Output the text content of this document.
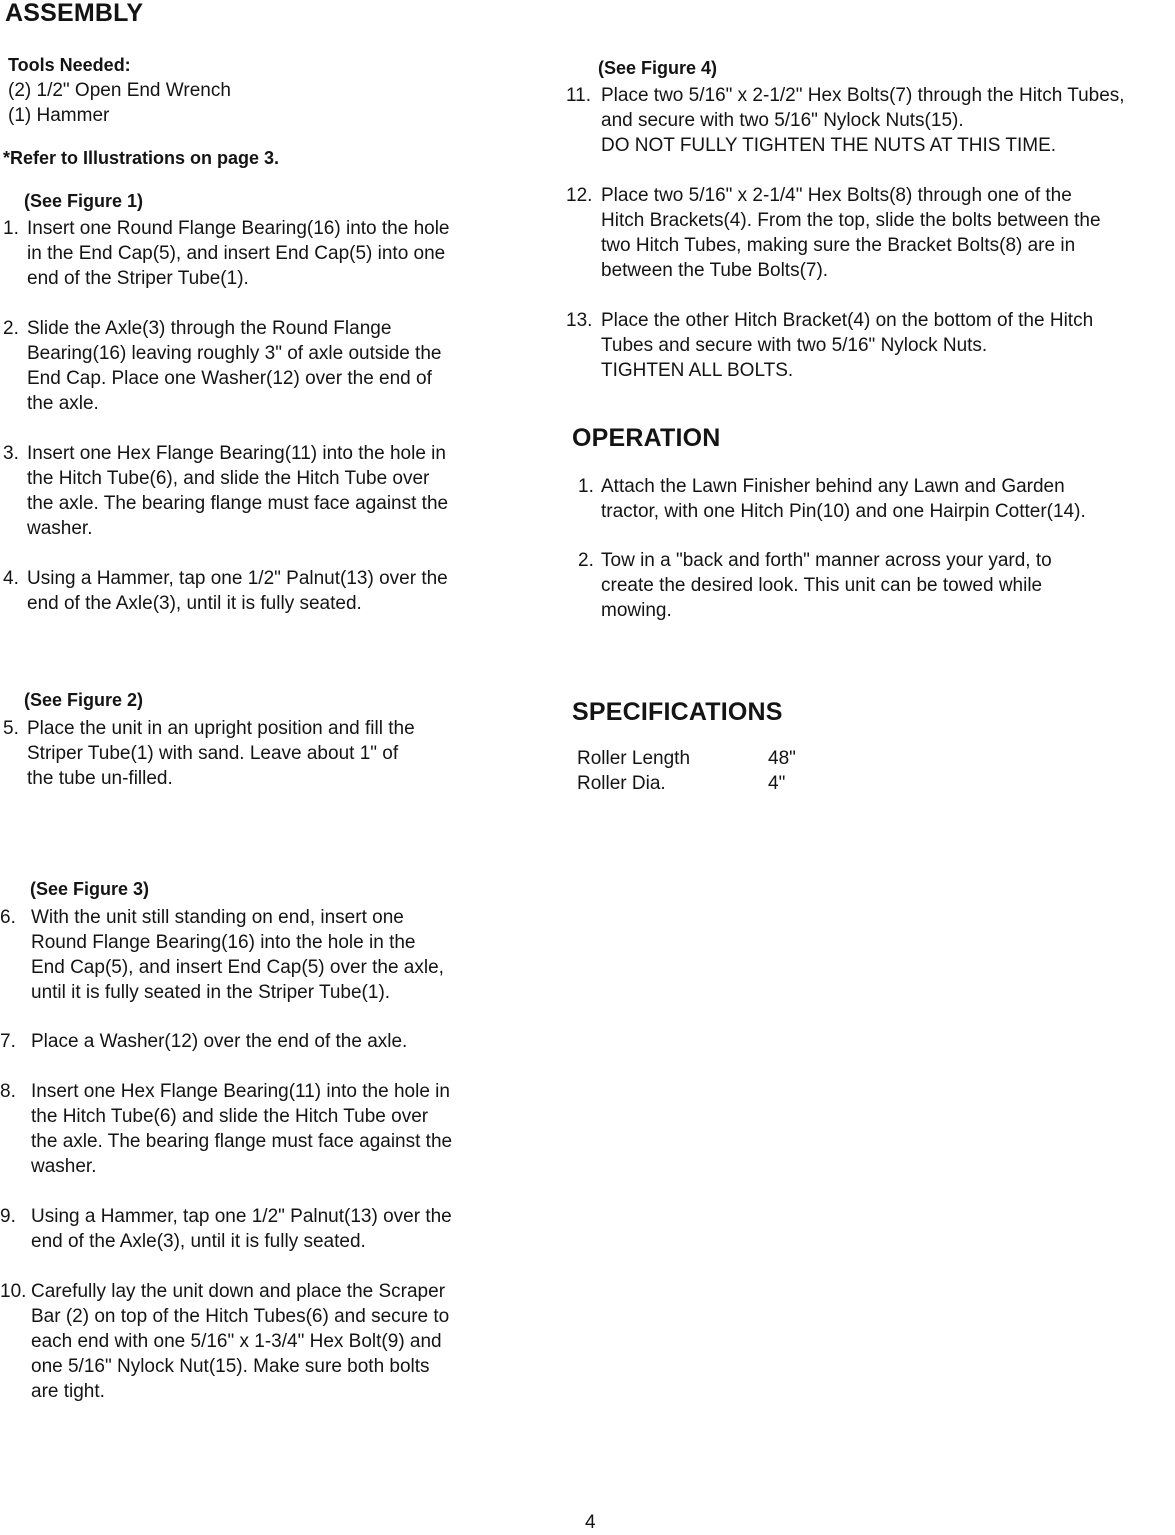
ASSEMBLY
Tools Needed:
(2) 1/2" Open End Wrench
(1) Hammer
*Refer to Illustrations on page 3.
(See Figure 1)
1. Insert one Round Flange Bearing(16) into the hole
in the End Cap(5), and insert End Cap(5) into one
end of the Striper Tube(1).
2. Slide the Axle(3) through the Round Flange
Bearing(16) leaving roughly 3" of axle outside the
End Cap. Place one Washer(12) over the end of
the axle.
3. Insert one Hex Flange Bearing(11) into the hole in
the Hitch Tube(6), and slide the Hitch Tube over
the axle. The bearing flange must face against the
washer.
4. Using a Hammer, tap one 1/2" Palnut(13) over the
end of the Axle(3), until it is fully seated.
(See Figure 2)
5. Place the unit in an upright position and fill the
Striper Tube(1) with sand. Leave about 1" of
the tube un-filled.
(See Figure 3)
6. With the unit still standing on end, insert one
Round Flange Bearing(16) into the hole in the
End Cap(5), and insert End Cap(5) over the axle,
until it is fully seated in the Striper Tube(1).
7. Place a Washer(12) over the end of the axle.
8. Insert one Hex Flange Bearing(11) into the hole in
the Hitch Tube(6) and slide the Hitch Tube over
the axle. The bearing flange must face against the
washer.
9. Using a Hammer, tap one 1/2" Palnut(13) over the
end of the Axle(3), until it is fully seated.
10. Carefully lay the unit down and place the Scraper
Bar (2) on top of the Hitch Tubes(6) and secure to
each end with one 5/16" x 1-3/4" Hex Bolt(9) and
one 5/16" Nylock Nut(15). Make sure both bolts
are tight.
(See Figure 4)
11. Place two 5/16" x 2-1/2" Hex Bolts(7) through the Hitch Tubes,
and secure with two 5/16" Nylock Nuts(15).
DO NOT FULLY TIGHTEN THE NUTS AT THIS TIME.
12. Place two 5/16" x 2-1/4" Hex Bolts(8) through one of the
Hitch Brackets(4). From the top, slide the bolts between the
two Hitch Tubes, making sure the Bracket Bolts(8) are in
between the Tube Bolts(7).
13. Place the other Hitch Bracket(4) on the bottom of the Hitch
Tubes and secure with two 5/16" Nylock Nuts.
TIGHTEN ALL BOLTS.
OPERATION
1. Attach the Lawn Finisher behind any Lawn and Garden
tractor, with one Hitch Pin(10) and one Hairpin Cotter(14).
2. Tow in a "back and forth" manner across your yard, to
create the desired look. This unit can be towed while
mowing.
SPECIFICATIONS
Roller Length	48"
Roller Dia.	4"
4
